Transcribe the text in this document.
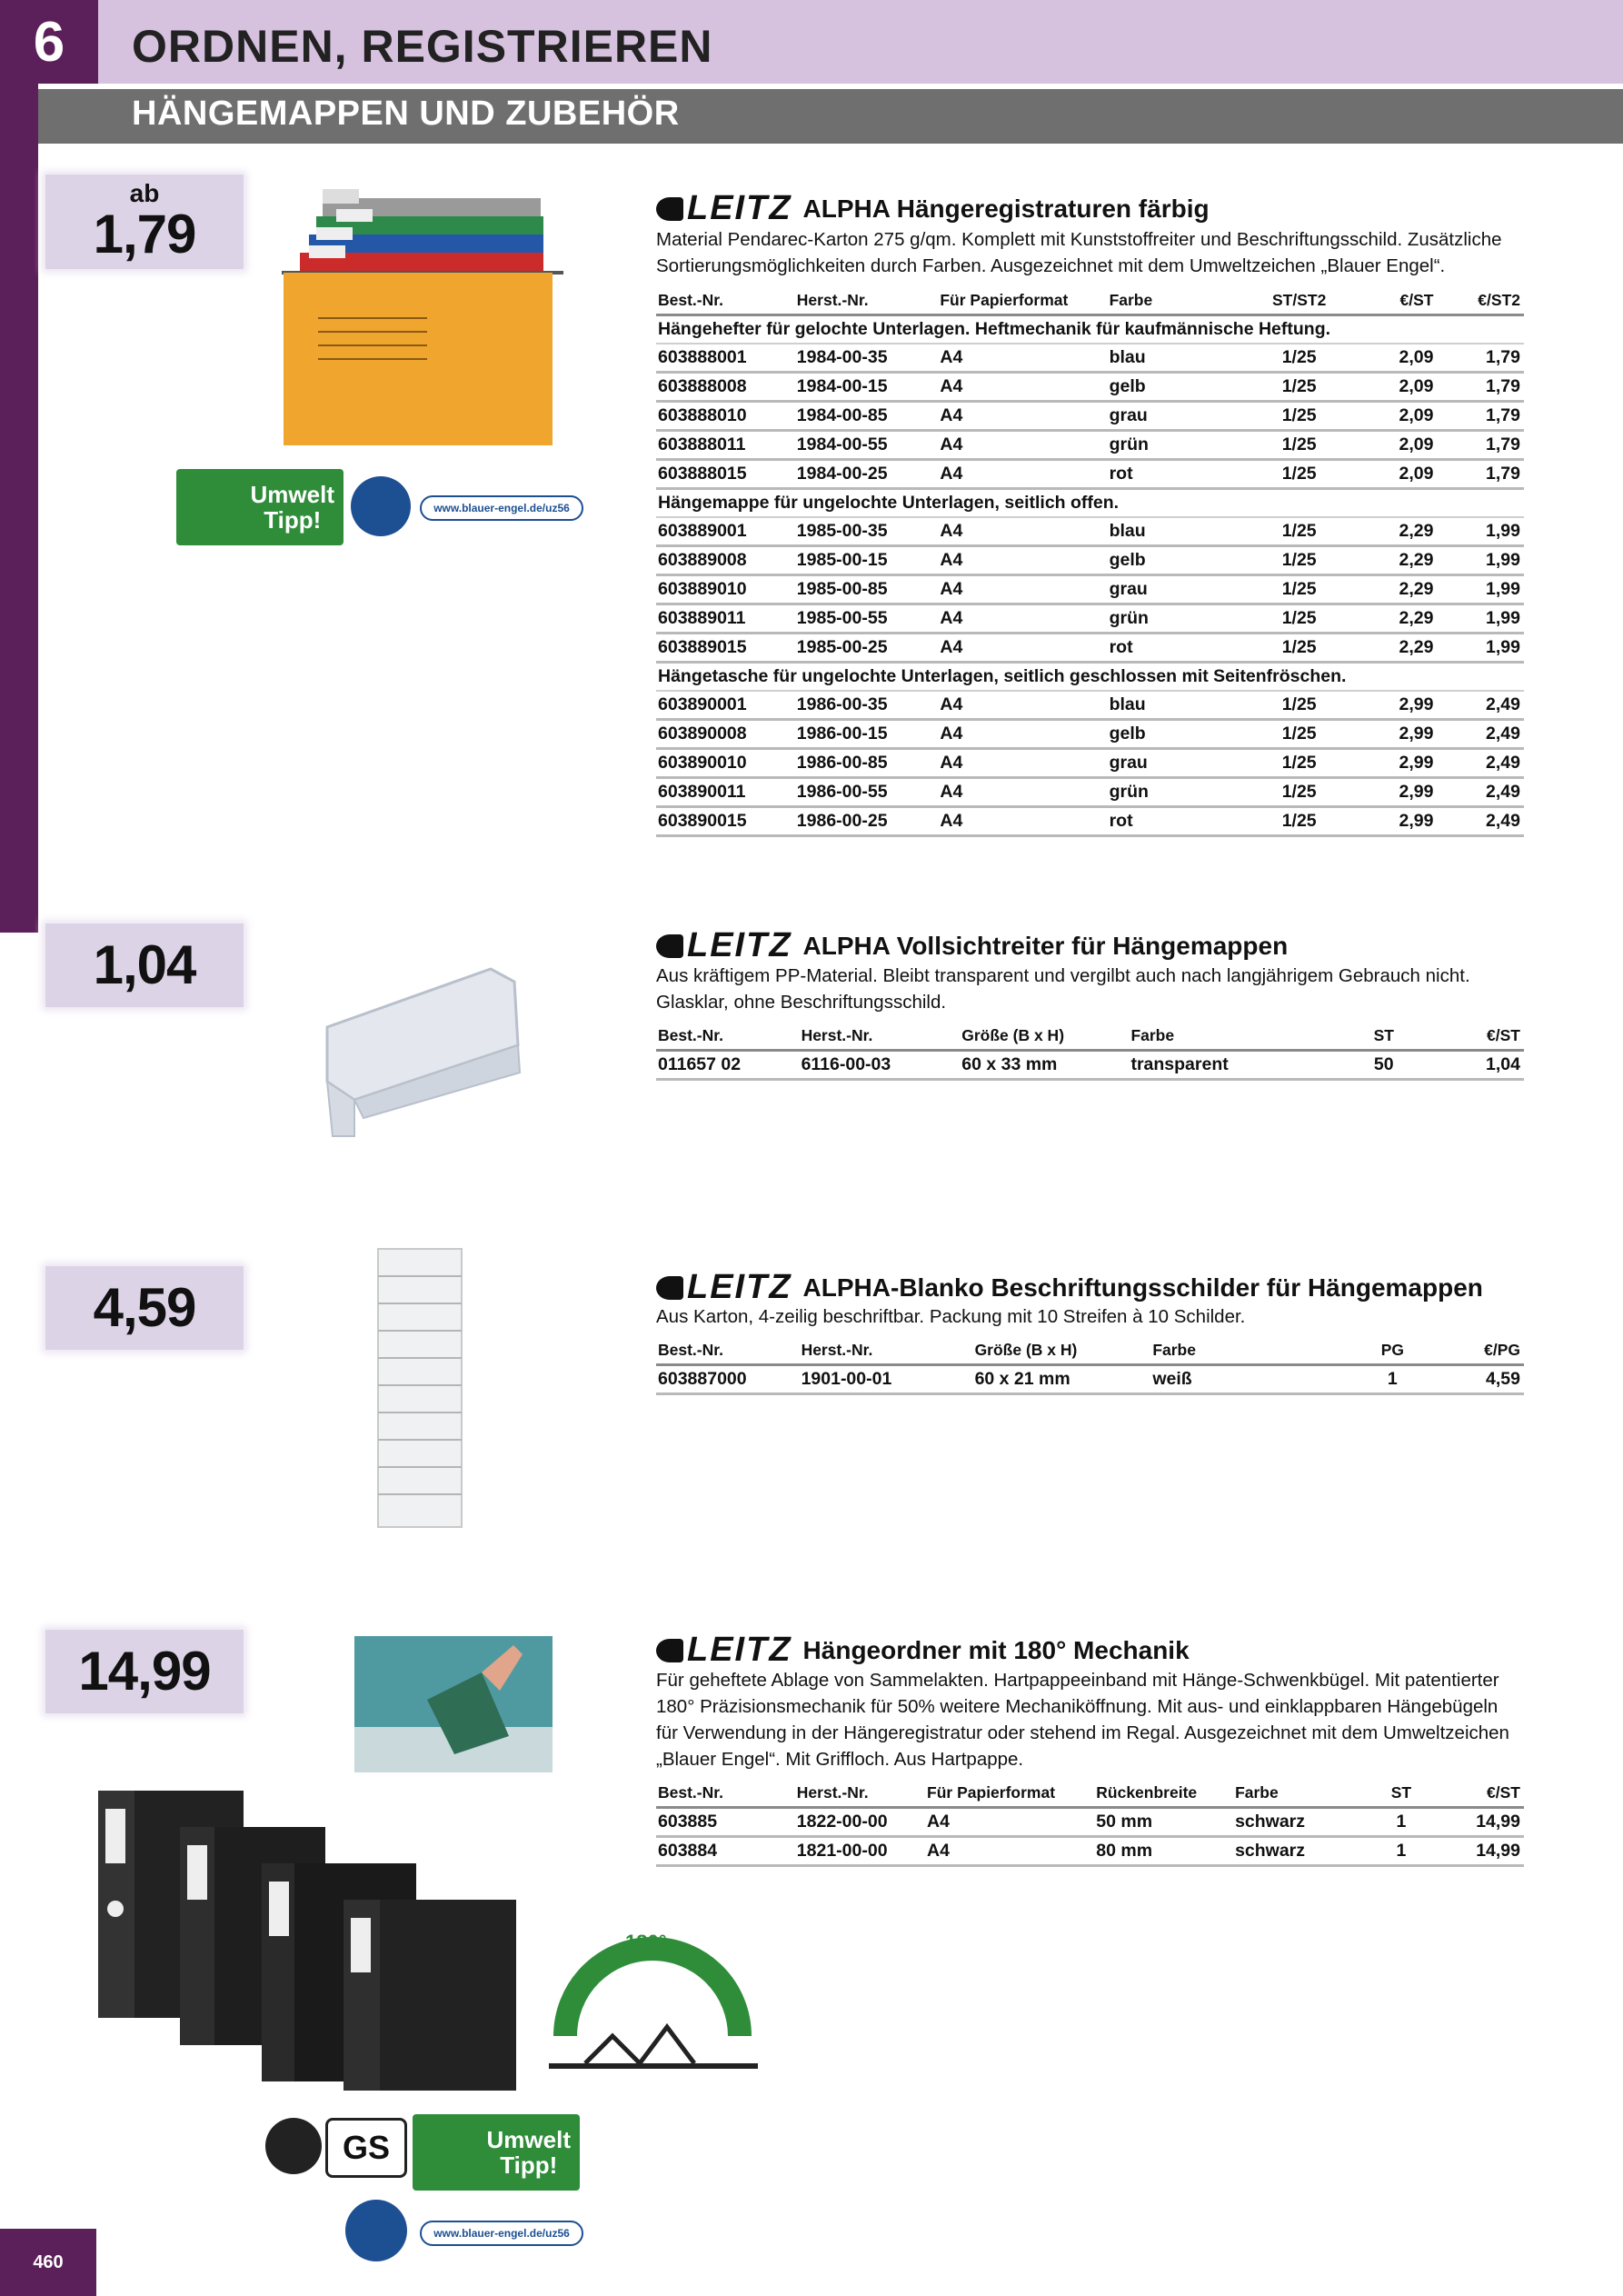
6	ORDNEN, REGISTRIEREN
HÄNGEMAPPEN UND ZUBEHÖR
ab
1,79
Umwelt
Tipp!	www.blauer-engel.de/uz56
LEITZ ALPHA Hängeregistraturen färbig
Material Pendarec-Karton 275 g/qm. Komplett mit Kunststoffreiter und Beschriftungsschild. Zusätzliche Sortierungsmöglichkeiten durch Farben. Ausgezeichnet mit dem Umweltzeichen „Blauer Engel“.
Best.-Nr.	Herst.-Nr.	Für Papierformat	Farbe	ST/ST2	€/ST	€/ST2
Hängehefter für gelochte Unterlagen. Heftmechanik für kaufmännische Heftung.						
603888001	1984-00-35	A4	blau	1/25	2,09	1,79
603888008	1984-00-15	A4	gelb	1/25	2,09	1,79
603888010	1984-00-85	A4	grau	1/25	2,09	1,79
603888011	1984-00-55	A4	grün	1/25	2,09	1,79
603888015	1984-00-25	A4	rot	1/25	2,09	1,79
Hängemappe für ungelochte Unterlagen, seitlich offen.						
603889001	1985-00-35	A4	blau	1/25	2,29	1,99
603889008	1985-00-15	A4	gelb	1/25	2,29	1,99
603889010	1985-00-85	A4	grau	1/25	2,29	1,99
603889011	1985-00-55	A4	grün	1/25	2,29	1,99
603889015	1985-00-25	A4	rot	1/25	2,29	1,99
Hängetasche für ungelochte Unterlagen, seitlich geschlossen mit Seitenfröschen.						
603890001	1986-00-35	A4	blau	1/25	2,99	2,49
603890008	1986-00-15	A4	gelb	1/25	2,99	2,49
603890010	1986-00-85	A4	grau	1/25	2,99	2,49
603890011	1986-00-55	A4	grün	1/25	2,99	2,49
603890015	1986-00-25	A4	rot	1/25	2,99	2,49
1,04	LEITZ ALPHA Vollsichtreiter für Hängemappen
Aus kräftigem PP-Material. Bleibt transparent und vergilbt auch nach langjährigem Gebrauch nicht. Glasklar, ohne Beschriftungsschild.
Best.-Nr.	Herst.-Nr.	Größe (B x H)	Farbe	ST	€/ST
011657 02	6116-00-03	60 x 33 mm	transparent	50	1,04
4,59	LEITZ ALPHA-Blanko Beschriftungsschilder für Hängemappen
Aus Karton, 4-zeilig beschriftbar. Packung mit 10 Streifen à 10 Schilder.
Best.-Nr.	Herst.-Nr.	Größe (B x H)	Farbe	PG	€/PG
603887000	1901-00-01	60 x 21 mm	weiß	1	4,59
14,99
180°
GS	Umwelt
Tipp!
www.blauer-engel.de/uz56
LEITZ Hängeordner mit 180° Mechanik
Für geheftete Ablage von Sammelakten. Hartpappeeinband mit Hänge-Schwenkbügel. Mit patentierter 180° Präzisionsmechanik für 50% weitere Mechaniköffnung. Mit aus- und einklappbaren Hängebügeln für Verwendung in der Hängeregistratur oder stehend im Regal. Ausgezeichnet mit dem Umweltzeichen „Blauer Engel“. Mit Griffloch. Aus Hartpappe.
Best.-Nr.	Herst.-Nr.	Für Papierformat	Rückenbreite	Farbe	ST	€/ST
603885	1822-00-00	A4	50 mm	schwarz	1	14,99
603884	1821-00-00	A4	80 mm	schwarz	1	14,99
460
